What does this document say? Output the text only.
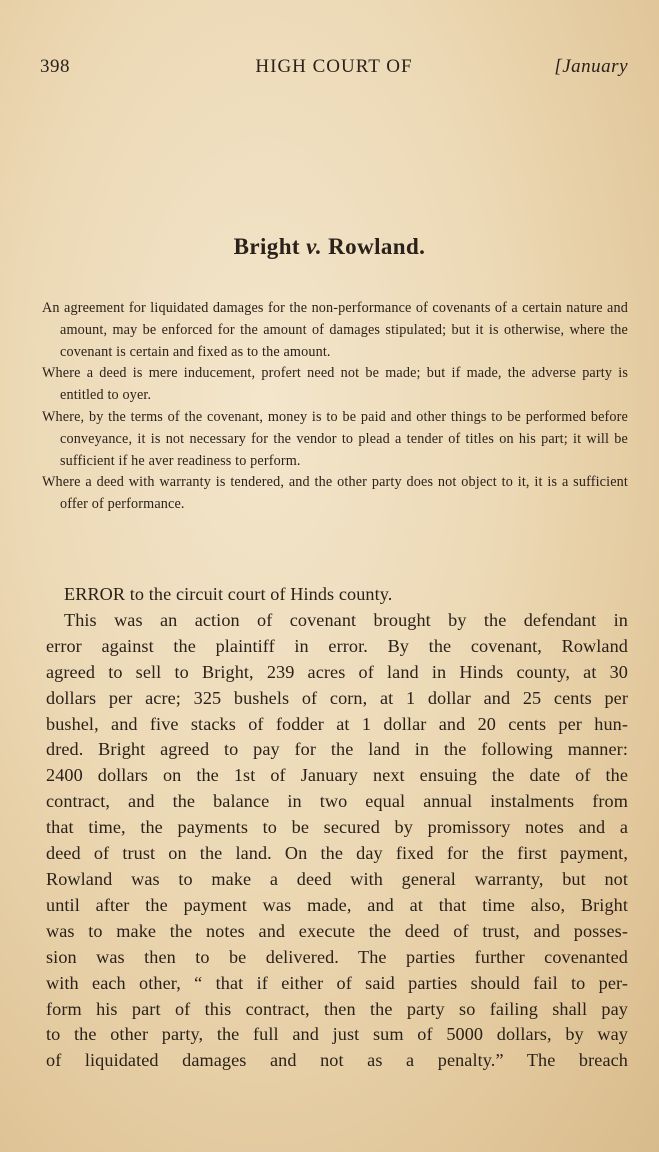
398	HIGH COURT OF	[January
Bright v. Rowland.

An agreement for liquidated damages for the non-performance of covenants of a certain nature and amount, may be enforced for the amount of damages stipulated; but it is otherwise, where the covenant is certain and fixed as to the amount.

Where a deed is mere inducement, profert need not be made; but if made, the adverse party is entitled to oyer.

Where, by the terms of the covenant, money is to be paid and other things to be performed before conveyance, it is not necessary for the vendor to plead a tender of titles on his part; it will be sufficient if he aver readiness to perform.

Where a deed with warranty is tendered, and the other party does not object to it, it is a sufficient offer of performance.

ERROR to the circuit court of Hinds county.
This was an action of covenant brought by the defendant in
error against the plaintiff in error. By the covenant, Rowland
agreed to sell to Bright, 239 acres of land in Hinds county, at 30
dollars per acre; 325 bushels of corn, at 1 dollar and 25 cents per
bushel, and five stacks of fodder at 1 dollar and 20 cents per hun-
dred. Bright agreed to pay for the land in the following manner:
2400 dollars on the 1st of January next ensuing the date of the
contract, and the balance in two equal annual instalments from
that time, the payments to be secured by promissory notes and a
deed of trust on the land. On the day fixed for the first payment,
Rowland was to make a deed with general warranty, but not
until after the payment was made, and at that time also, Bright
was to make the notes and execute the deed of trust, and posses-
sion was then to be delivered. The parties further covenanted
with each other, “ that if either of said parties should fail to per-
form his part of this contract, then the party so failing shall pay
to the other party, the full and just sum of 5000 dollars, by way
of liquidated damages and not as a penalty.” The breach
